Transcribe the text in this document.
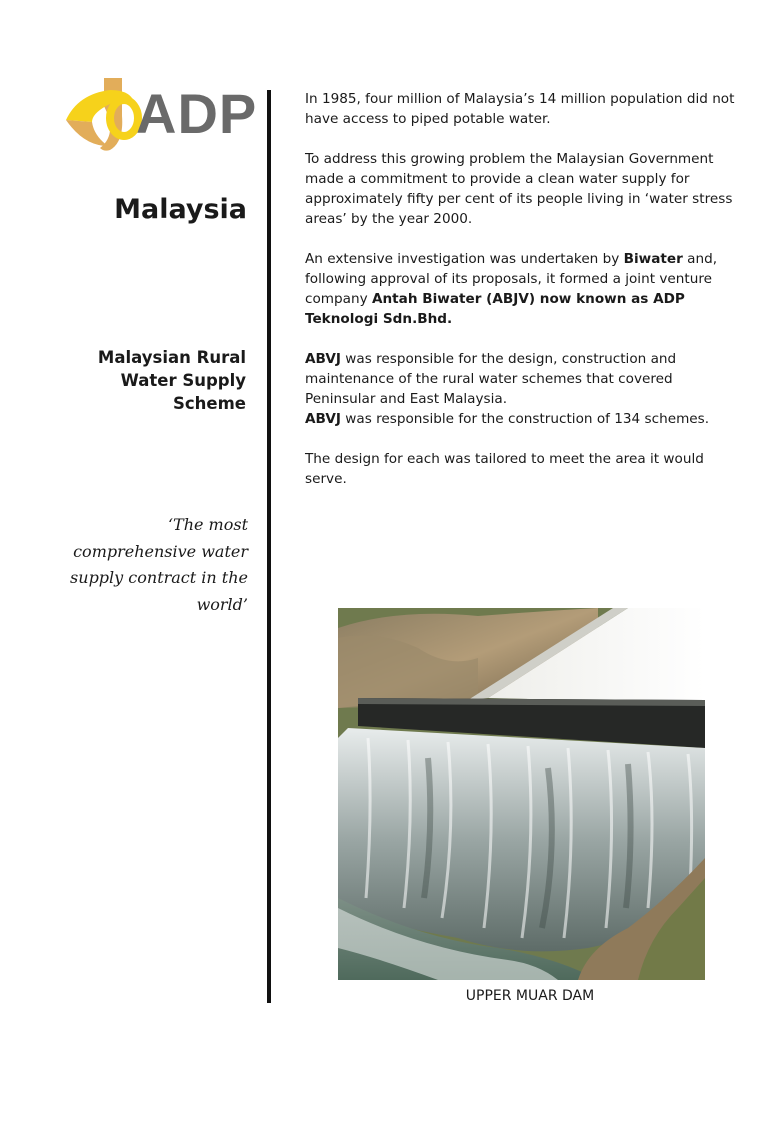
ADP
Malaysia
Malaysian Rural Water Supply Scheme
‘The most comprehensive water supply contract in the world’

In 1985, four million of Malaysia’s 14 million population did not have access to piped potable water.

To address this growing problem the Malaysian Government made a commitment to provide a clean water supply for approximately fifty per cent of its people living in ‘water stress areas’ by the year 2000.

An extensive investigation was undertaken by Biwater and, following approval of its proposals, it formed a joint venture company Antah Biwater (ABJV) now known as ADP Teknologi Sdn.Bhd.

ABVJ was responsible for the design, construction and maintenance of the rural water schemes that covered Peninsular and East Malaysia.

ABVJ was responsible for the construction of 134 schemes.

The design for each was tailored to meet the area it would serve.

UPPER MUAR DAM
